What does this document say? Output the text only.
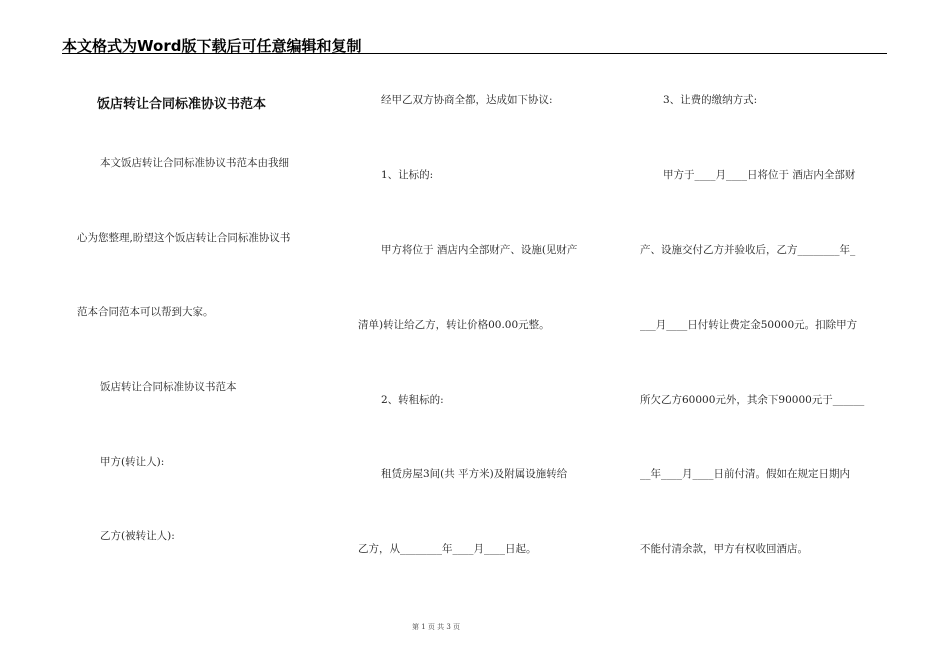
本文格式为Word版下载后可任意编辑和复制
饭店转让合同标准协议书范本
本文饭店转让合同标准协议书范本由我细
心为您整理,盼望这个饭店转让合同标准协议书
范本合同范本可以帮到大家。
饭店转让合同标准协议书范本
甲方(转让人):
乙方(被转让人):
经甲乙双方协商全都，达成如下协议:
1、让标的:
甲方将位于 酒店内全部财产、设施(见财产
清单)转让给乙方，转让价格00.00元整。
2、转租标的:
租赁房屋3间(共 平方米)及附属设施转给
乙方，从________年____月____日起。
3、让费的缴纳方式:
甲方于____月____日将位于 酒店内全部财
产、设施交付乙方并验收后，乙方________年_
___月____日付转让费定金50000元。扣除甲方
所欠乙方60000元外，其余下90000元于______
__年____月____日前付清。假如在规定日期内
不能付清余款，甲方有权收回酒店。
第 1 页 共 3 页
